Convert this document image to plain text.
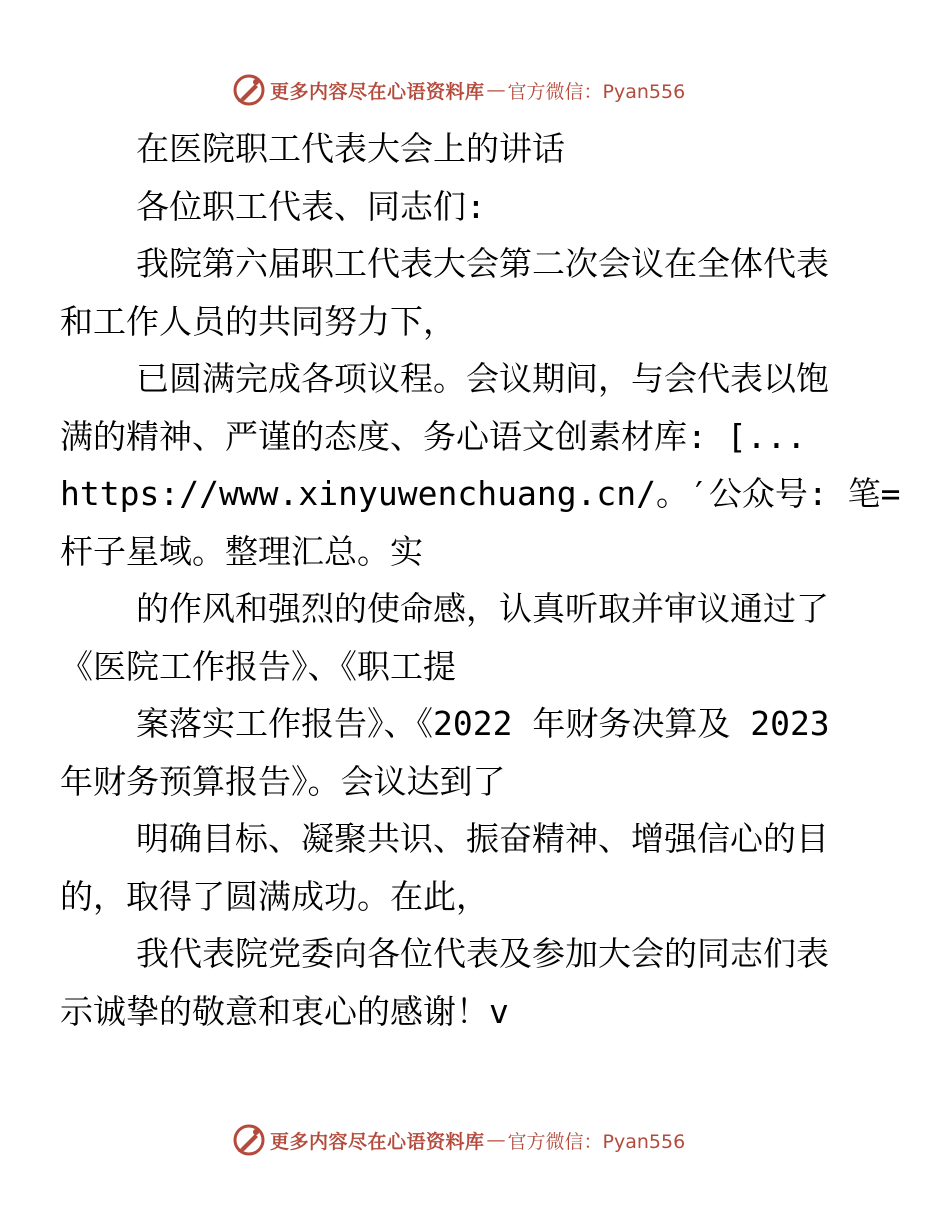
更多内容尽在心语资料库 — 官方微信：Pyan556

在医院职工代表大会上的讲话

各位职工代表、同志们:

我院第六届职工代表大会第二次会议在全体代表
和工作人员的共同努力下，

已圆满完成各项议程。会议期间，与会代表以饱
满的精神、严谨的态度、务心语文创素材库: [...
https://www.xinyuwenchuang.cn/。′公众号: 笔=
杆子星域。整理汇总。实

的作风和强烈的使命感，认真听取并审议通过了
《医院工作报告》、《职工提

案落实工作报告》、《2022 年财务决算及 2023
年财务预算报告》。会议达到了

明确目标、凝聚共识、振奋精神、增强信心的目
的，取得了圆满成功。在此，

我代表院党委向各位代表及参加大会的同志们表
示诚挚的敬意和衷心的感谢！v

更多内容尽在心语资料库 — 官方微信：Pyan556
